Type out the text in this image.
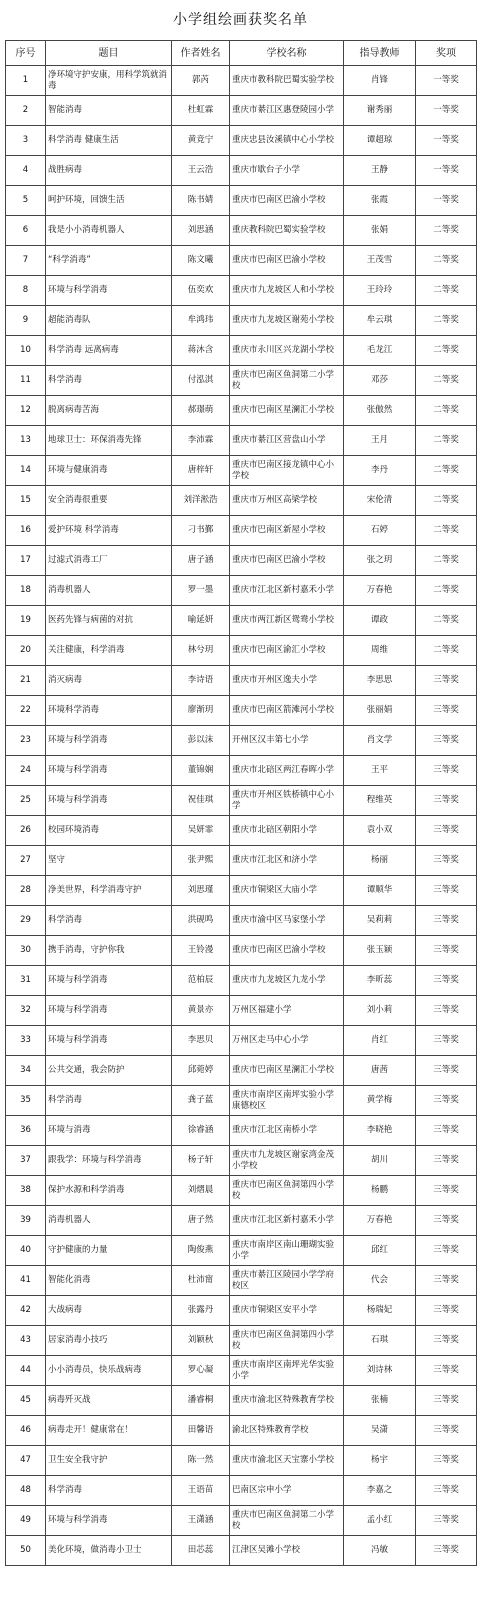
小学组绘画获奖名单
序号	题目	作者姓名	学校名称	指导教师	奖项
1	净环境守护安康，用科学筑就消毒	郭芮	重庆市教科院巴蜀实验学校	肖锋	一等奖
2	智能消毒	杜虹霖	重庆市綦江区惠登陵园小学	谢秀丽	一等奖
3	科学消毒 健康生活	黄竞宁	重庆忠县汝溪镇中心小学校	谭超琼	一等奖
4	战胜病毒	王云浩	重庆市歇台子小学	王静	一等奖
5	呵护环境，回馈生活	陈书婧	重庆市巴南区巴渝小学校	张霞	一等奖
6	我是小小消毒机器人	刘思涵	重庆教科院巴蜀实验学校	张娟	二等奖
7	“科学消毒”	陈文曦	重庆市巴南区巴渝小学校	王茂雪	二等奖
8	环境与科学消毒	伍奕欢	重庆市九龙坡区人和小学校	王玲玲	二等奖
9	超能消毒队	牟鸿玮	重庆市九龙坡区谢苑小学校	牟云琪	二等奖
10	科学消毒 远离病毒	蒋沐含	重庆市永川区兴龙湖小学校	毛龙江	二等奖
11	科学消毒	付泓淇	重庆市巴南区鱼洞第二小学校	邓莎	二等奖
12	脱离病毒苦海	郝璟萌	重庆市巴南区星澜汇小学校	张傲然	二等奖
13	地球卫士：环保消毒先锋	李沛霖	重庆市綦江区营盘山小学	王月	二等奖
14	环境与健康消毒	唐梓轩	重庆市巴南区接龙镇中心小学校	李丹	二等奖
15	安全消毒很重要	刘洋淞浩	重庆市万州区高梁学校	宋伦清	二等奖
16	爱护环境 科学消毒	刁书鄞	重庆市巴南区新屋小学校	石婷	二等奖
17	过滤式消毒工厂	唐子涵	重庆市巴南区巴渝小学校	张之玥	二等奖
18	消毒机器人	罗一墨	重庆市江北区新村嘉禾小学	万春艳	二等奖
19	医药先锋与病菌的对抗	喻延妍	重庆市两江新区鸳鸯小学校	谭政	二等奖
20	关注健康，科学消毒	林兮玥	重庆市巴南区渝汇小学校	周维	二等奖
21	消灭病毒	李诗语	重庆市开州区逸夫小学	李思思	三等奖
22	环境科学消毒	廖渐玥	重庆市巴南区箭滩河小学校	张丽娟	三等奖
23	环境与科学消毒	彭以沫	开州区汉丰第七小学	肖文学	三等奖
24	环境与科学消毒	董锦娴	重庆市北碚区两江春晖小学	王平	三等奖
25	环境与科学消毒	祝佳琪	重庆市开州区铁桥镇中心小学	程维英	三等奖
26	校园环境消毒	吴妍霏	重庆市北碚区朝阳小学	袁小双	三等奖
27	坚守	张尹熙	重庆市江北区和济小学	杨丽	三等奖
28	净美世界，科学消毒守护	刘思瑾	重庆市铜梁区大庙小学	谭顺华	三等奖
29	科学消毒	洪砚鸣	重庆市渝中区马家堡小学	吴莉莉	三等奖
30	携手消毒，守护你我	王铃漫	重庆市巴南区巴渝小学校	张玉颖	三等奖
31	环境与科学消毒	范柏辰	重庆市九龙坡区九龙小学	李昕蕊	三等奖
32	环境与科学消毒	黄景亦	万州区福建小学	刘小莉	三等奖
33	环境与科学消毒	李思贝	万州区走马中心小学	肖红	三等奖
34	公共交通，我会防护	邱菀婷	重庆市巴南区星澜汇小学校	唐茜	三等奖
35	科学消毒	龚子蓝	重庆市南岸区南坪实验小学康德校区	黄学梅	三等奖
36	环境与消毒	徐睿涵	重庆市江北区南桥小学	李晓艳	三等奖
37	跟我学：环境与科学消毒	杨子轩	重庆市九龙坡区谢家湾金茂小学校	胡川	三等奖
38	保护水源和科学消毒	刘熠晨	重庆市巴南区鱼洞第四小学校	杨鹏	三等奖
39	消毒机器人	唐子然	重庆市江北区新村嘉禾小学	万春艳	三等奖
40	守护健康的力量	陶俊燕	重庆市南岸区南山珊瑚实验小学	邱红	三等奖
41	智能化消毒	杜沛甯	重庆市綦江区陵园小学学府校区	代会	三等奖
42	大战病毒	张露丹	重庆市铜梁区安平小学	杨瑞妃	三等奖
43	居家消毒小技巧	刘颖秋	重庆市巴南区鱼洞第四小学校	石琪	三等奖
44	小小消毒员，快乐战病毒	罗心凝	重庆市南岸区南坪光华实验小学	刘诗林	三等奖
45	病毒歼灭战	潘睿桐	重庆市渝北区特殊教育学校	张楠	三等奖
46	病毒走开！健康常在！	田馨语	渝北区特殊教育学校	吴潇	三等奖
47	卫生安全我守护	陈一然	重庆市渝北区天宝寨小学校	杨宇	三等奖
48	科学消毒	王语苗	巴南区宗申小学	李嘉之	三等奖
49	环境与科学消毒	王潇涵	重庆市巴南区鱼洞第二小学校	孟小红	三等奖
50	美化环境，做消毒小卫士	田芯蕊	江津区吴滩小学校	冯敏	三等奖
